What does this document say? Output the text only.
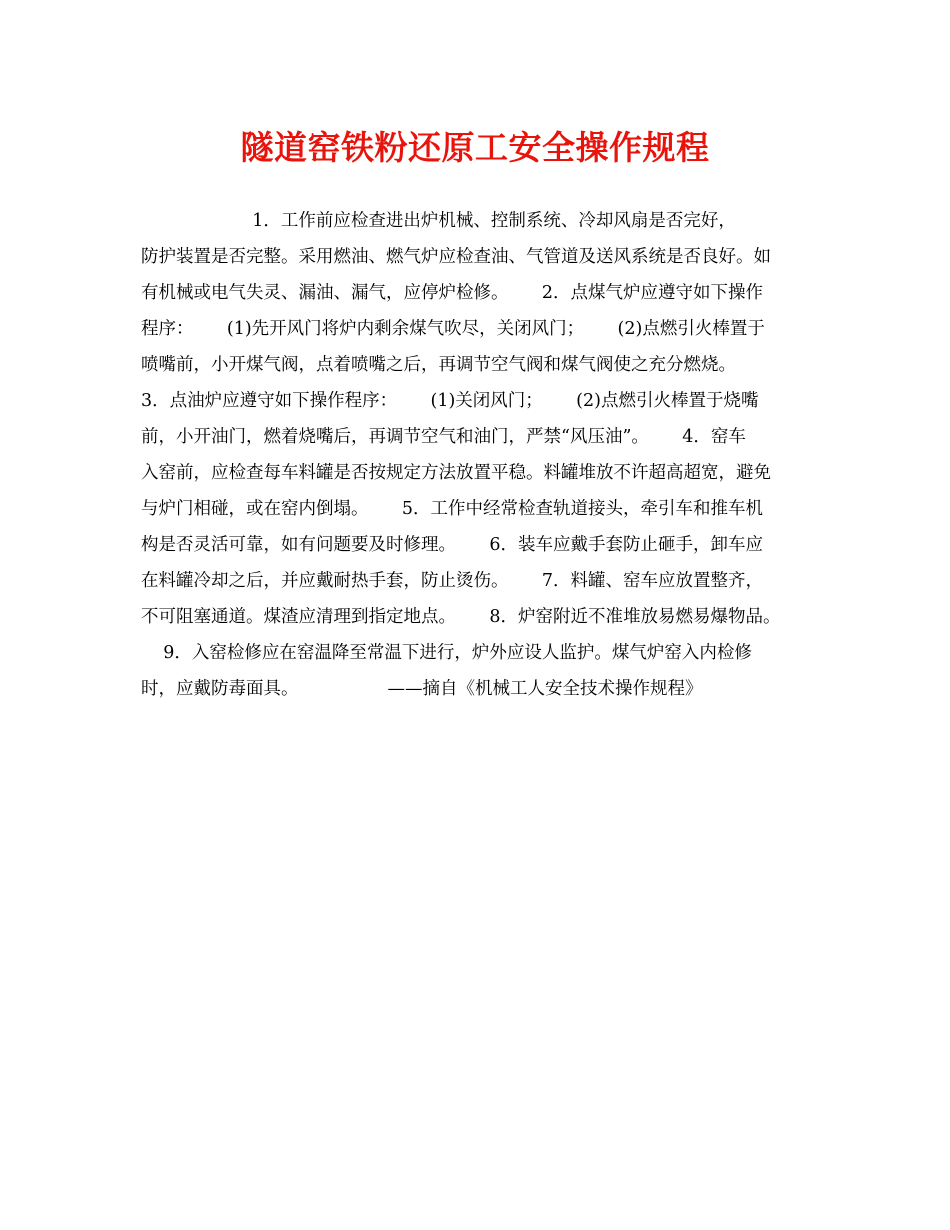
隧道窑铁粉还原工安全操作规程
1．工作前应检查进出炉机械、控制系统、冷却风扇是否完好，
防护装置是否完整。采用燃油、燃气炉应检查油、气管道及送风系统是否良好。如
有机械或电气失灵、漏油、漏气，应停炉检修。      2．点煤气炉应遵守如下操作
程序：      (1)先开风门将炉内剩余煤气吹尽，关闭风门；      (2)点燃引火棒置于
喷嘴前，小开煤气阀，点着喷嘴之后，再调节空气阀和煤气阀使之充分燃烧。
3．点油炉应遵守如下操作程序：      (1)关闭风门；      (2)点燃引火棒置于烧嘴
前，小开油门，燃着烧嘴后，再调节空气和油门，严禁“风压油”。      4．窑车
入窑前，应检查每车料罐是否按规定方法放置平稳。料罐堆放不许超高超宽，避免
与炉门相碰，或在窑内倒塌。      5．工作中经常检查轨道接头，牵引车和推车机
构是否灵活可靠，如有问题要及时修理。      6．装车应戴手套防止砸手，卸车应
在料罐冷却之后，并应戴耐热手套，防止烫伤。      7．料罐、窑车应放置整齐，
不可阻塞通道。煤渣应清理到指定地点。      8．炉窑附近不准堆放易燃易爆物品。
9．入窑检修应在窑温降至常温下进行，炉外应设人监护。煤气炉窑入内检修
时，应戴防毒面具。                ——摘自《机械工人安全技术操作规程》
